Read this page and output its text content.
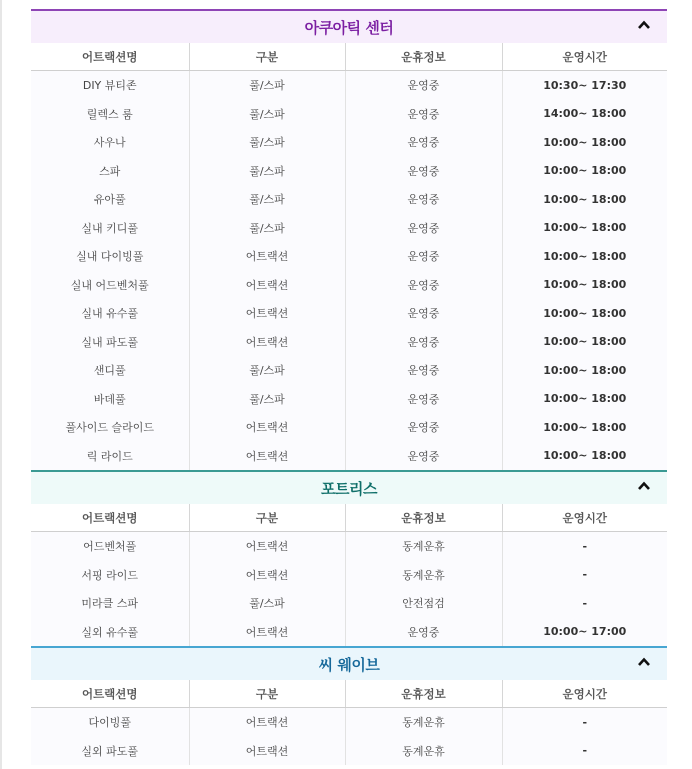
아쿠아틱 센터
어트랙션명	구분	운휴정보	운영시간
DIY 뷰티존	풀/스파	운영중	10:30~ 17:30
릴렉스 룸	풀/스파	운영중	14:00~ 18:00
사우나	풀/스파	운영중	10:00~ 18:00
스파	풀/스파	운영중	10:00~ 18:00
유아풀	풀/스파	운영중	10:00~ 18:00
실내 키디풀	풀/스파	운영중	10:00~ 18:00
실내 다이빙풀	어트랙션	운영중	10:00~ 18:00
실내 어드벤처풀	어트랙션	운영중	10:00~ 18:00
실내 유수풀	어트랙션	운영중	10:00~ 18:00
실내 파도풀	어트랙션	운영중	10:00~ 18:00
샌디풀	풀/스파	운영중	10:00~ 18:00
바데풀	풀/스파	운영중	10:00~ 18:00
풀사이드 슬라이드	어트랙션	운영중	10:00~ 18:00
릭 라이드	어트랙션	운영중	10:00~ 18:00
포트리스
어트랙션명	구분	운휴정보	운영시간
어드벤처풀	어트랙션	동계운휴	-
서핑 라이드	어트랙션	동계운휴	-
미라클 스파	풀/스파	안전점검	-
실외 유수풀	어트랙션	운영중	10:00~ 17:00
씨 웨이브
어트랙션명	구분	운휴정보	운영시간
다이빙풀	어트랙션	동계운휴	-
실외 파도풀	어트랙션	동계운휴	-
